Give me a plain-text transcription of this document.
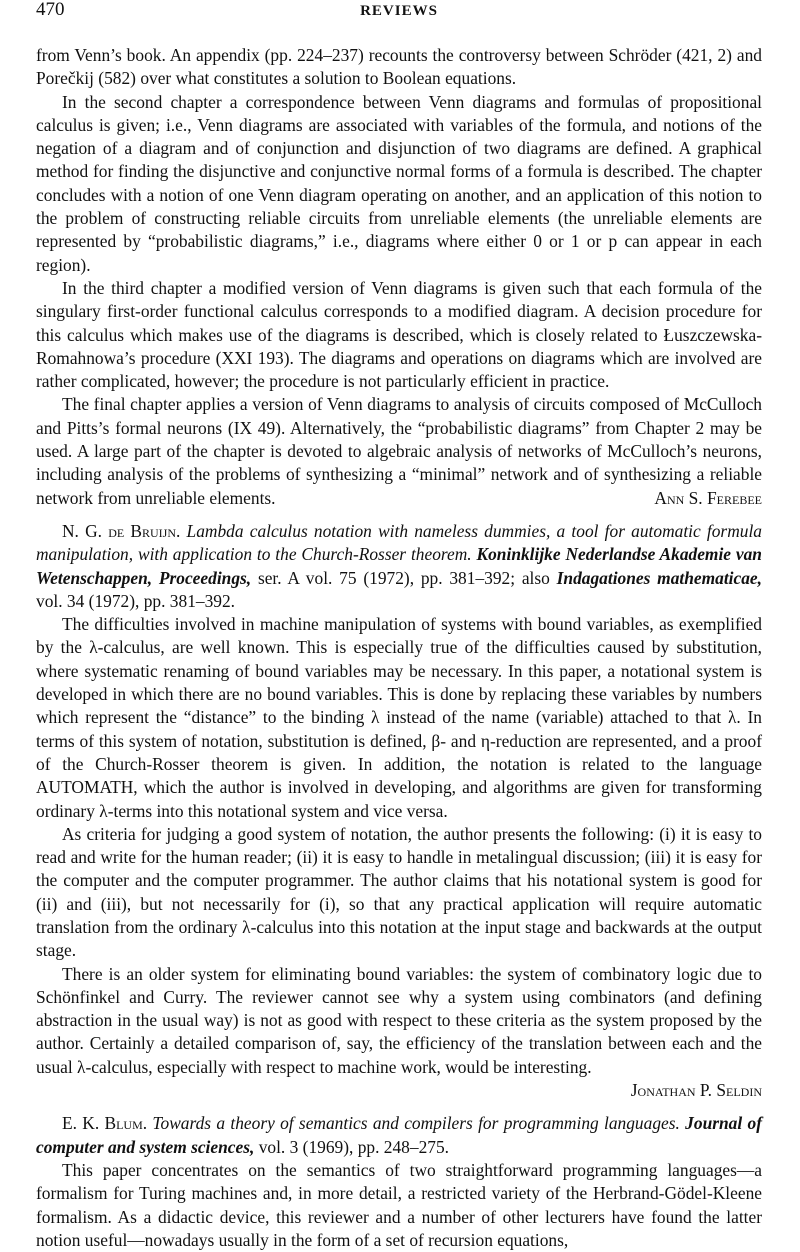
470	REVIEWS

from Venn’s book. An appendix (pp. 224–237) recounts the controversy between Schröder (421, 2) and Porečkij (582) over what constitutes a solution to Boolean equations.

In the second chapter a correspondence between Venn diagrams and formulas of propositional calculus is given; i.e., Venn diagrams are associated with variables of the formula, and notions of the negation of a diagram and of conjunction and disjunction of two diagrams are defined. A graphical method for finding the disjunctive and conjunctive normal forms of a formula is described. The chapter concludes with a notion of one Venn diagram operating on another, and an application of this notion to the problem of constructing reliable circuits from unreliable elements (the unreliable elements are represented by “probabilistic diagrams,” i.e., diagrams where either 0 or 1 or p can appear in each region).

In the third chapter a modified version of Venn diagrams is given such that each formula of the singulary first-order functional calculus corresponds to a modified diagram. A decision procedure for this calculus which makes use of the diagrams is described, which is closely related to Łuszczewska-Romahnowa’s procedure (XXI 193). The diagrams and operations on diagrams which are involved are rather complicated, however; the procedure is not particularly efficient in practice.

The final chapter applies a version of Venn diagrams to analysis of circuits composed of McCulloch and Pitts’s formal neurons (IX 49). Alternatively, the “probabilistic diagrams” from Chapter 2 may be used. A large part of the chapter is devoted to algebraic analysis of networks of McCulloch’s neurons, including analysis of the problems of synthesizing a “minimal” network and of synthesizing a reliable network from unreliable elements.	Ann S. Ferebee

N. G. de Bruijn. Lambda calculus notation with nameless dummies, a tool for automatic formula manipulation, with application to the Church-Rosser theorem. Koninklijke Nederlandse Akademie van Wetenschappen, Proceedings, ser. A vol. 75 (1972), pp. 381–392; also Indagationes mathematicae, vol. 34 (1972), pp. 381–392.

The difficulties involved in machine manipulation of systems with bound variables, as exemplified by the λ-calculus, are well known. This is especially true of the difficulties caused by substitution, where systematic renaming of bound variables may be necessary. In this paper, a notational system is developed in which there are no bound variables. This is done by replacing these variables by numbers which represent the “distance” to the binding λ instead of the name (variable) attached to that λ. In terms of this system of notation, substitution is defined, β- and η-reduction are represented, and a proof of the Church-Rosser theorem is given. In addition, the notation is related to the language AUTOMATH, which the author is involved in developing, and algorithms are given for transforming ordinary λ-terms into this notational system and vice versa.

As criteria for judging a good system of notation, the author presents the following: (i) it is easy to read and write for the human reader; (ii) it is easy to handle in metalingual discussion; (iii) it is easy for the computer and the computer programmer. The author claims that his notational system is good for (ii) and (iii), but not necessarily for (i), so that any practical application will require automatic translation from the ordinary λ-calculus into this notation at the input stage and backwards at the output stage.

There is an older system for eliminating bound variables: the system of combinatory logic due to Schönfinkel and Curry. The reviewer cannot see why a system using combinators (and defining abstraction in the usual way) is not as good with respect to these criteria as the system proposed by the author. Certainly a detailed comparison of, say, the efficiency of the translation between each and the usual λ-calculus, especially with respect to machine work, would be interesting.
Jonathan P. Seldin

E. K. Blum. Towards a theory of semantics and compilers for programming languages. Journal of computer and system sciences, vol. 3 (1969), pp. 248–275.

This paper concentrates on the semantics of two straightforward programming languages—a formalism for Turing machines and, in more detail, a restricted variety of the Herbrand-Gödel-Kleene formalism. As a didactic device, this reviewer and a number of other lecturers have found the latter notion useful—nowadays usually in the form of a set of recursion equations,
